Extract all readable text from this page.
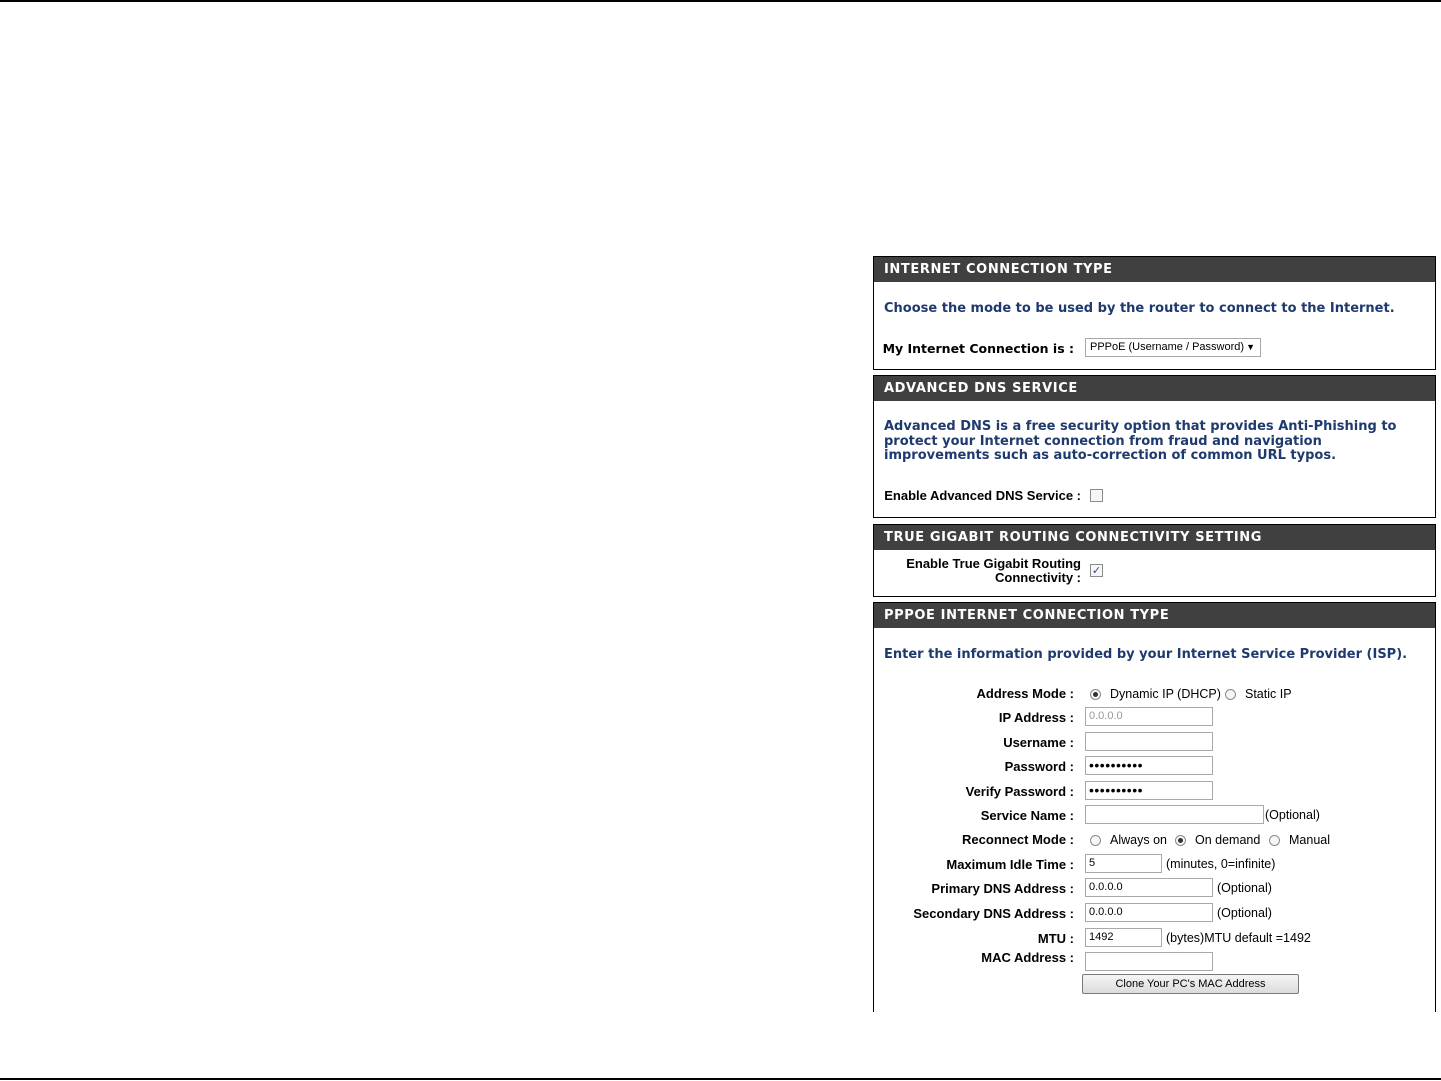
INTERNET CONNECTION TYPE
Choose the mode to be used by the router to connect to the Internet.
My Internet Connection is :	PPPoE (Username / Password) ▼
ADVANCED DNS SERVICE
Advanced DNS is a free security option that provides Anti-Phishing to protect your Internet connection from fraud and navigation improvements such as auto-correction of common URL typos.
Enable Advanced DNS Service :
TRUE GIGABIT ROUTING CONNECTIVITY SETTING
Enable True Gigabit Routing
Connectivity : ✓
PPPOE INTERNET CONNECTION TYPE
Enter the information provided by your Internet Service Provider (ISP).
Address Mode :	Dynamic IP (DHCP) Static IP
IP Address :	0.0.0.0
Username :
Password : ••••••••••
Verify Password : ••••••••••
Service Name :	(Optional)
Reconnect Mode :	Always on On demand Manual
Maximum Idle Time :	5	(minutes, 0=infinite)
Primary DNS Address :	0.0.0.0	(Optional)
Secondary DNS Address :	0.0.0.0	(Optional)
MTU :	1492	(bytes)MTU default =1492
MAC Address :
Clone Your PC's MAC Address
